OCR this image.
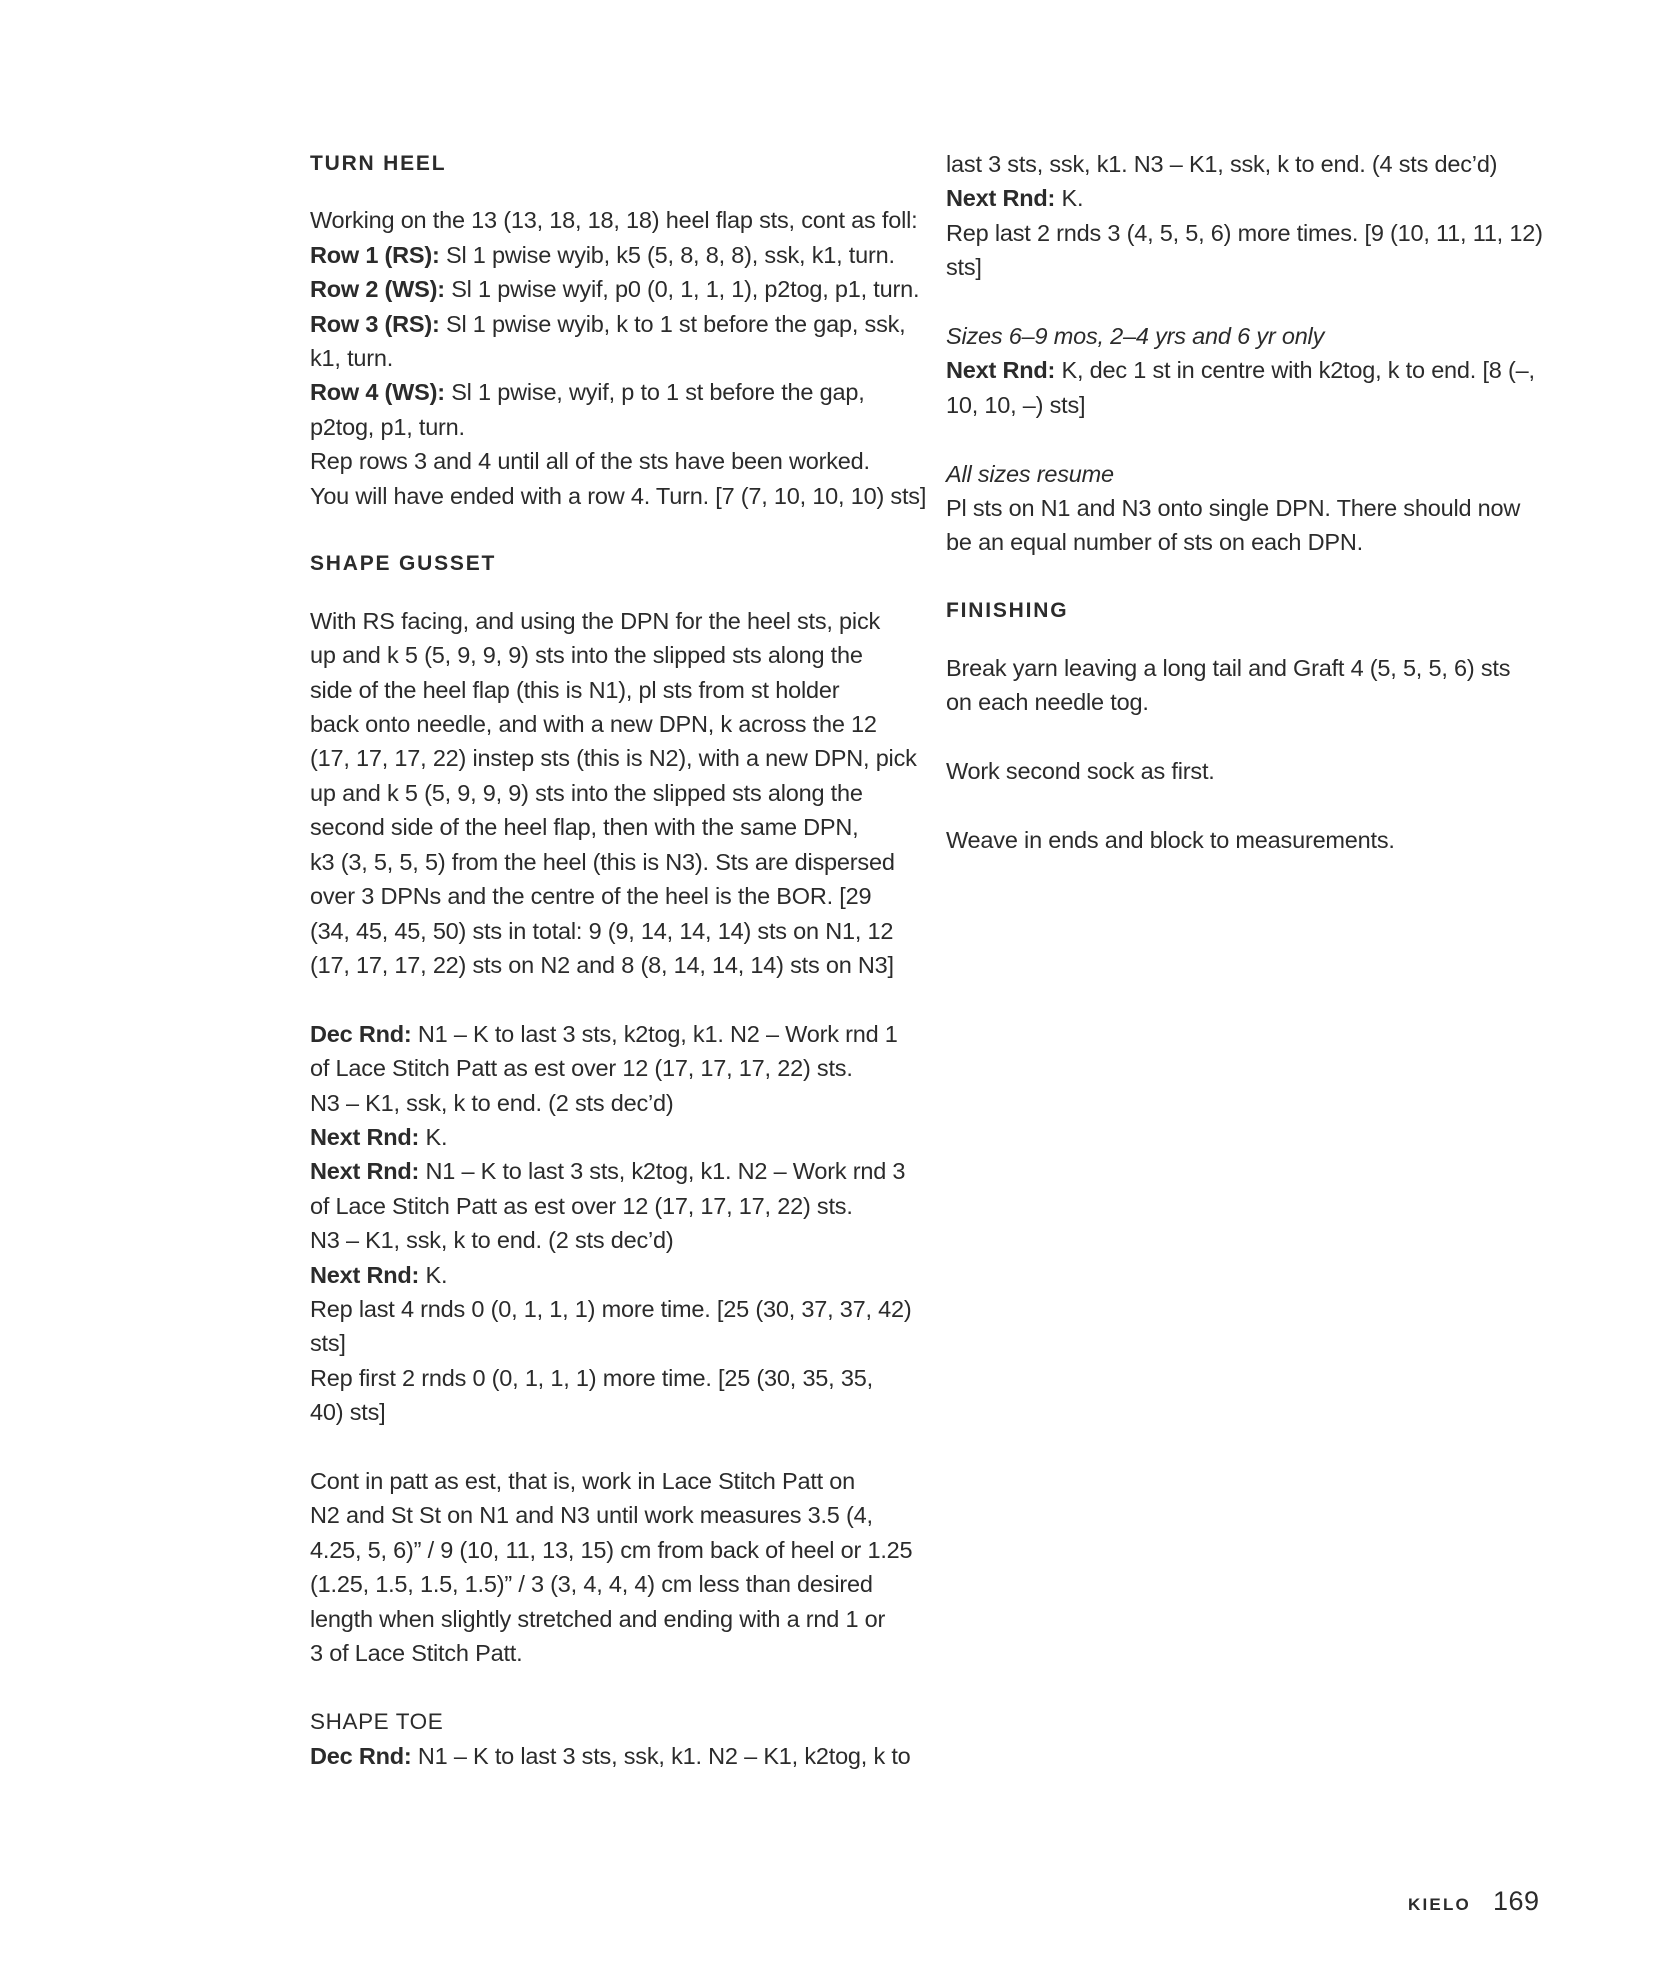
TURN HEEL

Working on the 13 (13, 18, 18, 18) heel flap sts, cont as foll:

Row 1 (RS): Sl 1 pwise wyib, k5 (5, 8, 8, 8), ssk, k1, turn.

Row 2 (WS): Sl 1 pwise wyif, p0 (0, 1, 1, 1), p2tog, p1, turn.

Row 3 (RS): Sl 1 pwise wyib, k to 1 st before the gap, ssk,

k1, turn.

Row 4 (WS): Sl 1 pwise, wyif, p to 1 st before the gap,

p2tog, p1, turn.

Rep rows 3 and 4 until all of the sts have been worked.

You will have ended with a row 4. Turn. [7 (7, 10, 10, 10) sts]

SHAPE GUSSET

With RS facing, and using the DPN for the heel sts, pick

up and k 5 (5, 9, 9, 9) sts into the slipped sts along the

side of the heel flap (this is N1), pl sts from st holder

back onto needle, and with a new DPN, k across the 12

(17, 17, 17, 22) instep sts (this is N2), with a new DPN, pick

up and k 5 (5, 9, 9, 9) sts into the slipped sts along the

second side of the heel flap, then with the same DPN,

k3 (3, 5, 5, 5) from the heel (this is N3). Sts are dispersed

over 3 DPNs and the centre of the heel is the BOR. [29

(34, 45, 45, 50) sts in total: 9 (9, 14, 14, 14) sts on N1, 12

(17, 17, 17, 22) sts on N2 and 8 (8, 14, 14, 14) sts on N3]

Dec Rnd: N1 – K to last 3 sts, k2tog, k1. N2 – Work rnd 1

of Lace Stitch Patt as est over 12 (17, 17, 17, 22) sts.

N3 – K1, ssk, k to end. (2 sts dec’d)

Next Rnd: K.

Next Rnd: N1 – K to last 3 sts, k2tog, k1. N2 – Work rnd 3

of Lace Stitch Patt as est over 12 (17, 17, 17, 22) sts.

N3 – K1, ssk, k to end. (2 sts dec’d)

Next Rnd: K.

Rep last 4 rnds 0 (0, 1, 1, 1) more time. [25 (30, 37, 37, 42)

sts]

Rep first 2 rnds 0 (0, 1, 1, 1) more time. [25 (30, 35, 35,

40) sts]

Cont in patt as est, that is, work in Lace Stitch Patt on

N2 and St St on N1 and N3 until work measures 3.5 (4,

4.25, 5, 6)” / 9 (10, 11, 13, 15) cm from back of heel or 1.25

(1.25, 1.5, 1.5, 1.5)” / 3 (3, 4, 4, 4) cm less than desired

length when slightly stretched and ending with a rnd 1 or

3 of Lace Stitch Patt.

SHAPE TOE

Dec Rnd: N1 – K to last 3 sts, ssk, k1. N2 – K1, k2tog, k to

last 3 sts, ssk, k1. N3 – K1, ssk, k to end. (4 sts dec’d)

Next Rnd: K.

Rep last 2 rnds 3 (4, 5, 5, 6) more times. [9 (10, 11, 11, 12)

sts]

Sizes 6–9 mos, 2–4 yrs and 6 yr only

Next Rnd: K, dec 1 st in centre with k2tog, k to end. [8 (–,

10, 10, –) sts]

All sizes resume

Pl sts on N1 and N3 onto single DPN. There should now

be an equal number of sts on each DPN.

FINISHING

Break yarn leaving a long tail and Graft 4 (5, 5, 5, 6) sts

on each needle tog.

Work second sock as first.

Weave in ends and block to measurements.

KIELO 169
